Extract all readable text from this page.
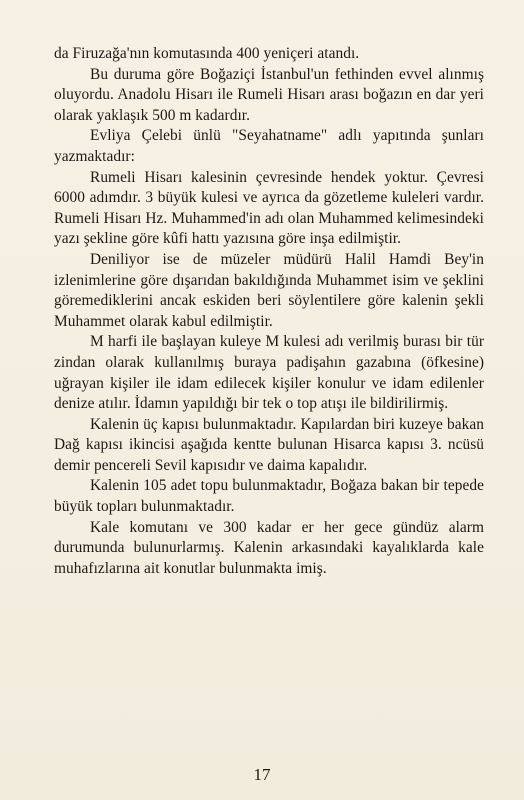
da Firuzağa'nın komutasında 400 yeniçeri atandı.

Bu duruma göre Boğaziçi İstanbul'un fethinden evvel alınmış oluyordu. Anadolu Hisarı ile Rumeli Hisarı arası boğazın en dar yeri olarak yaklaşık 500 m kadardır.

Evliya Çelebi ünlü "Seyahatname" adlı yapıtında şunları yazmaktadır:

Rumeli Hisarı kalesinin çevresinde hendek yoktur. Çevresi 6000 adımdır. 3 büyük kulesi ve ayrıca da gözetleme kuleleri vardır. Rumeli Hisarı Hz. Muhammed'in adı olan Muhammed kelimesindeki yazı şekline göre kûfi hattı yazısına göre inşa edilmiştir.

Deniliyor ise de müzeler müdürü Halil Hamdi Bey'in izlenimlerine göre dışarıdan bakıldığında Muhammet isim ve şeklini göremediklerini ancak eskiden beri söylentilere göre kalenin şekli Muhammet olarak kabul edilmiştir.

M harfi ile başlayan kuleye M kulesi adı verilmiş burası bir tür zindan olarak kullanılmış buraya padişahın gazabına (öfkesine) uğrayan kişiler ile idam edilecek kişiler konulur ve idam edilenler denize atılır. İdamın yapıldığı bir tek o top atışı ile bildirilirmiş.

Kalenin üç kapısı bulunmaktadır. Kapılardan biri kuzeye bakan Dağ kapısı ikincisi aşağıda kentte bulunan Hisarca kapısı 3. ncüsü demir pencereli Sevil kapısıdır ve daima kapalıdır.

Kalenin 105 adet topu bulunmaktadır, Boğaza bakan bir tepede büyük topları bulunmaktadır.

Kale komutanı ve 300 kadar er her gece gündüz alarm durumunda bulunurlarmış. Kalenin arkasındaki kayalıklarda kale muhafızlarına ait konutlar bulunmakta imiş.

17
